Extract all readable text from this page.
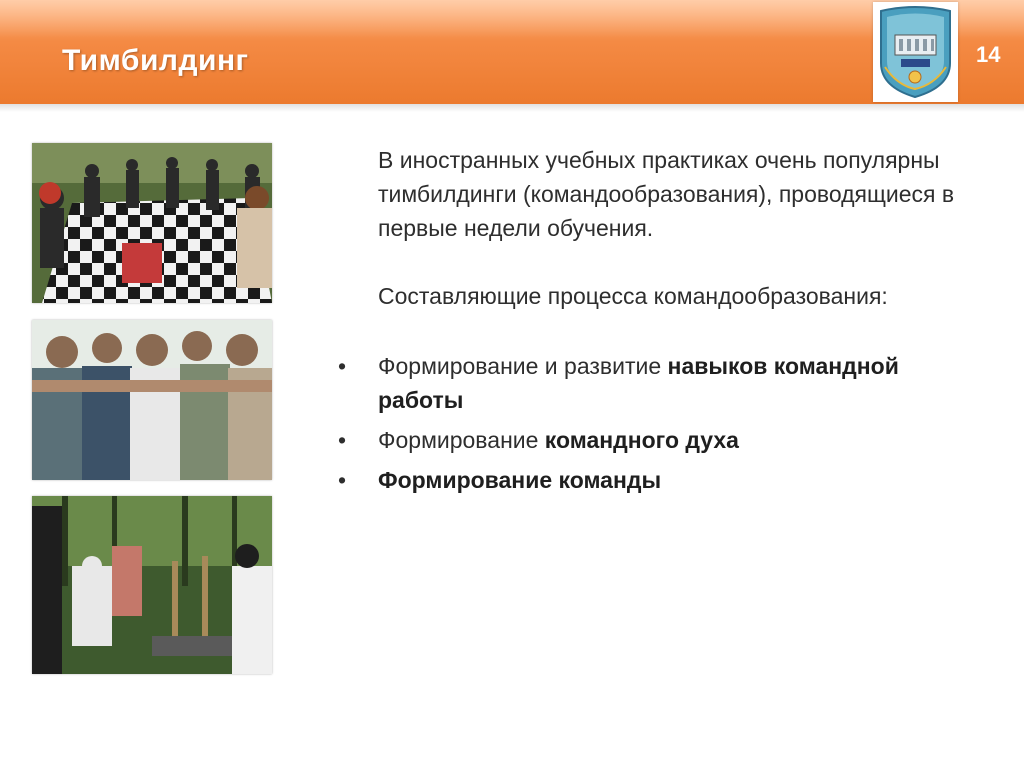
Тимбилдинг	14

В иностранных учебных практиках очень популярны тимбилдинги (командообразования), проводящиеся в первые недели обучения.

Составляющие процесса командообразования:

• Формирование и развитие навыков командной работы
• Формирование командного духа
• Формирование команды
